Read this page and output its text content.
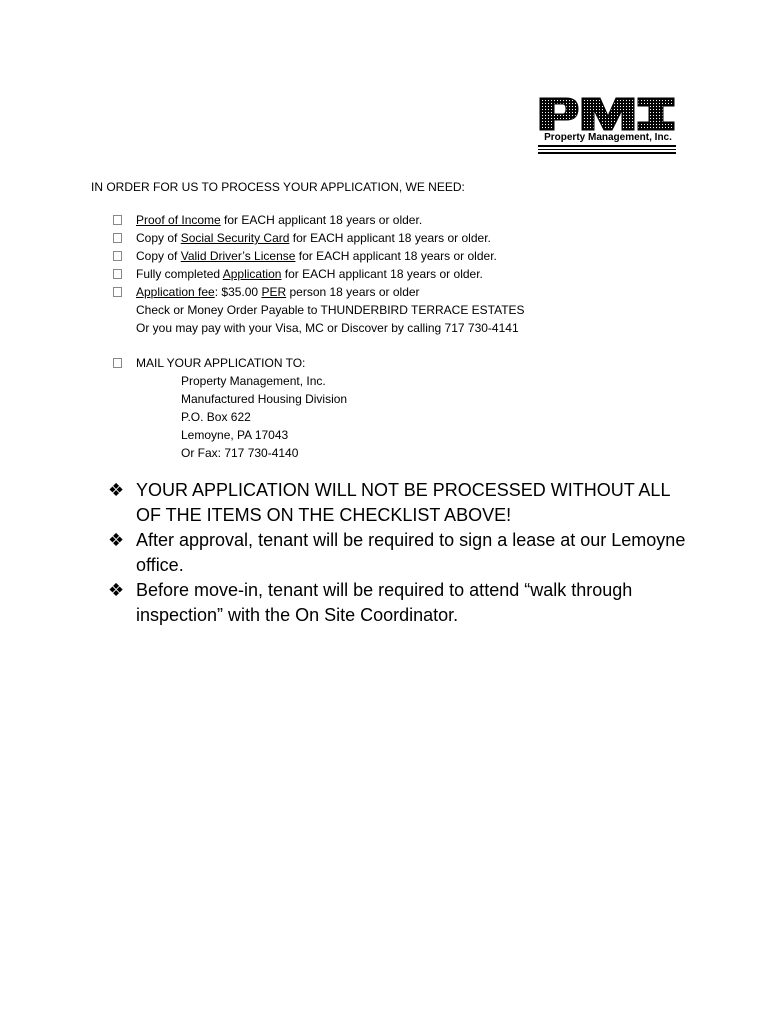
Property Management, Inc.
IN ORDER FOR US TO PROCESS YOUR APPLICATION, WE NEED:
Proof of Income for EACH applicant 18 years or older.
Copy of Social Security Card for EACH applicant 18 years or older.
Copy of Valid Driver’s License for EACH applicant 18 years or older.
Fully completed Application for EACH applicant 18 years or older.
Application fee: $35.00 PER person 18 years or older
Check or Money Order Payable to THUNDERBIRD TERRACE ESTATES
Or you may pay with your Visa, MC or Discover by calling 717 730-4141
MAIL YOUR APPLICATION TO:
Property Management, Inc.
Manufactured Housing Division
P.O. Box 622
Lemoyne, PA 17043
Or Fax: 717 730-4140
❖ YOUR APPLICATION WILL NOT BE PROCESSED WITHOUT ALL OF THE ITEMS ON THE CHECKLIST ABOVE!
❖ After approval, tenant will be required to sign a lease at our Lemoyne office.
❖ Before move-in, tenant will be required to attend “walk through inspection” with the On Site Coordinator.
